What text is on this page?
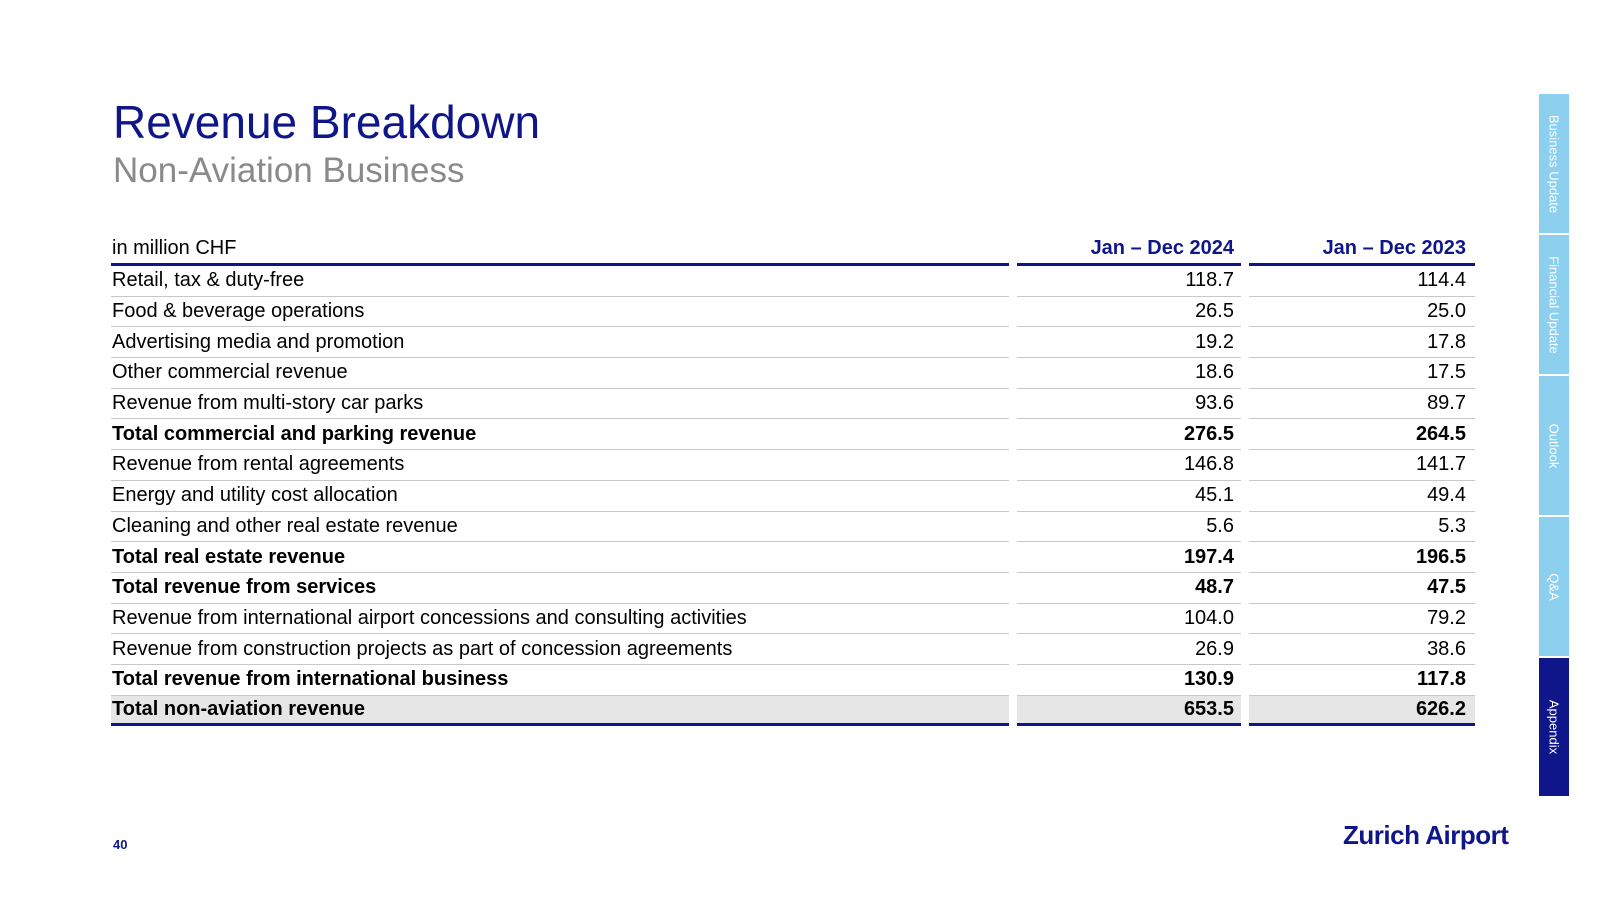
Revenue Breakdown
Non-Aviation Business
in million CHF	Jan – Dec 2024	Jan – Dec 2023
Retail, tax & duty-free	118.7	114.4
Food & beverage operations	26.5	25.0
Advertising media and promotion	19.2	17.8
Other commercial revenue	18.6	17.5
Revenue from multi-story car parks	93.6	89.7
Total commercial and parking revenue	276.5	264.5
Revenue from rental agreements	146.8	141.7
Energy and utility cost allocation	45.1	49.4
Cleaning and other real estate revenue	5.6	5.3
Total real estate revenue	197.4	196.5
Total revenue from services	48.7	47.5
Revenue from international airport concessions and consulting activities	104.0	79.2
Revenue from construction projects as part of concession agreements	26.9	38.6
Total revenue from international business	130.9	117.8
Total non-aviation revenue	653.5	626.2
40	Zurich Airport
Business Update
Financial Update
Outlook
Q&A
Appendix
